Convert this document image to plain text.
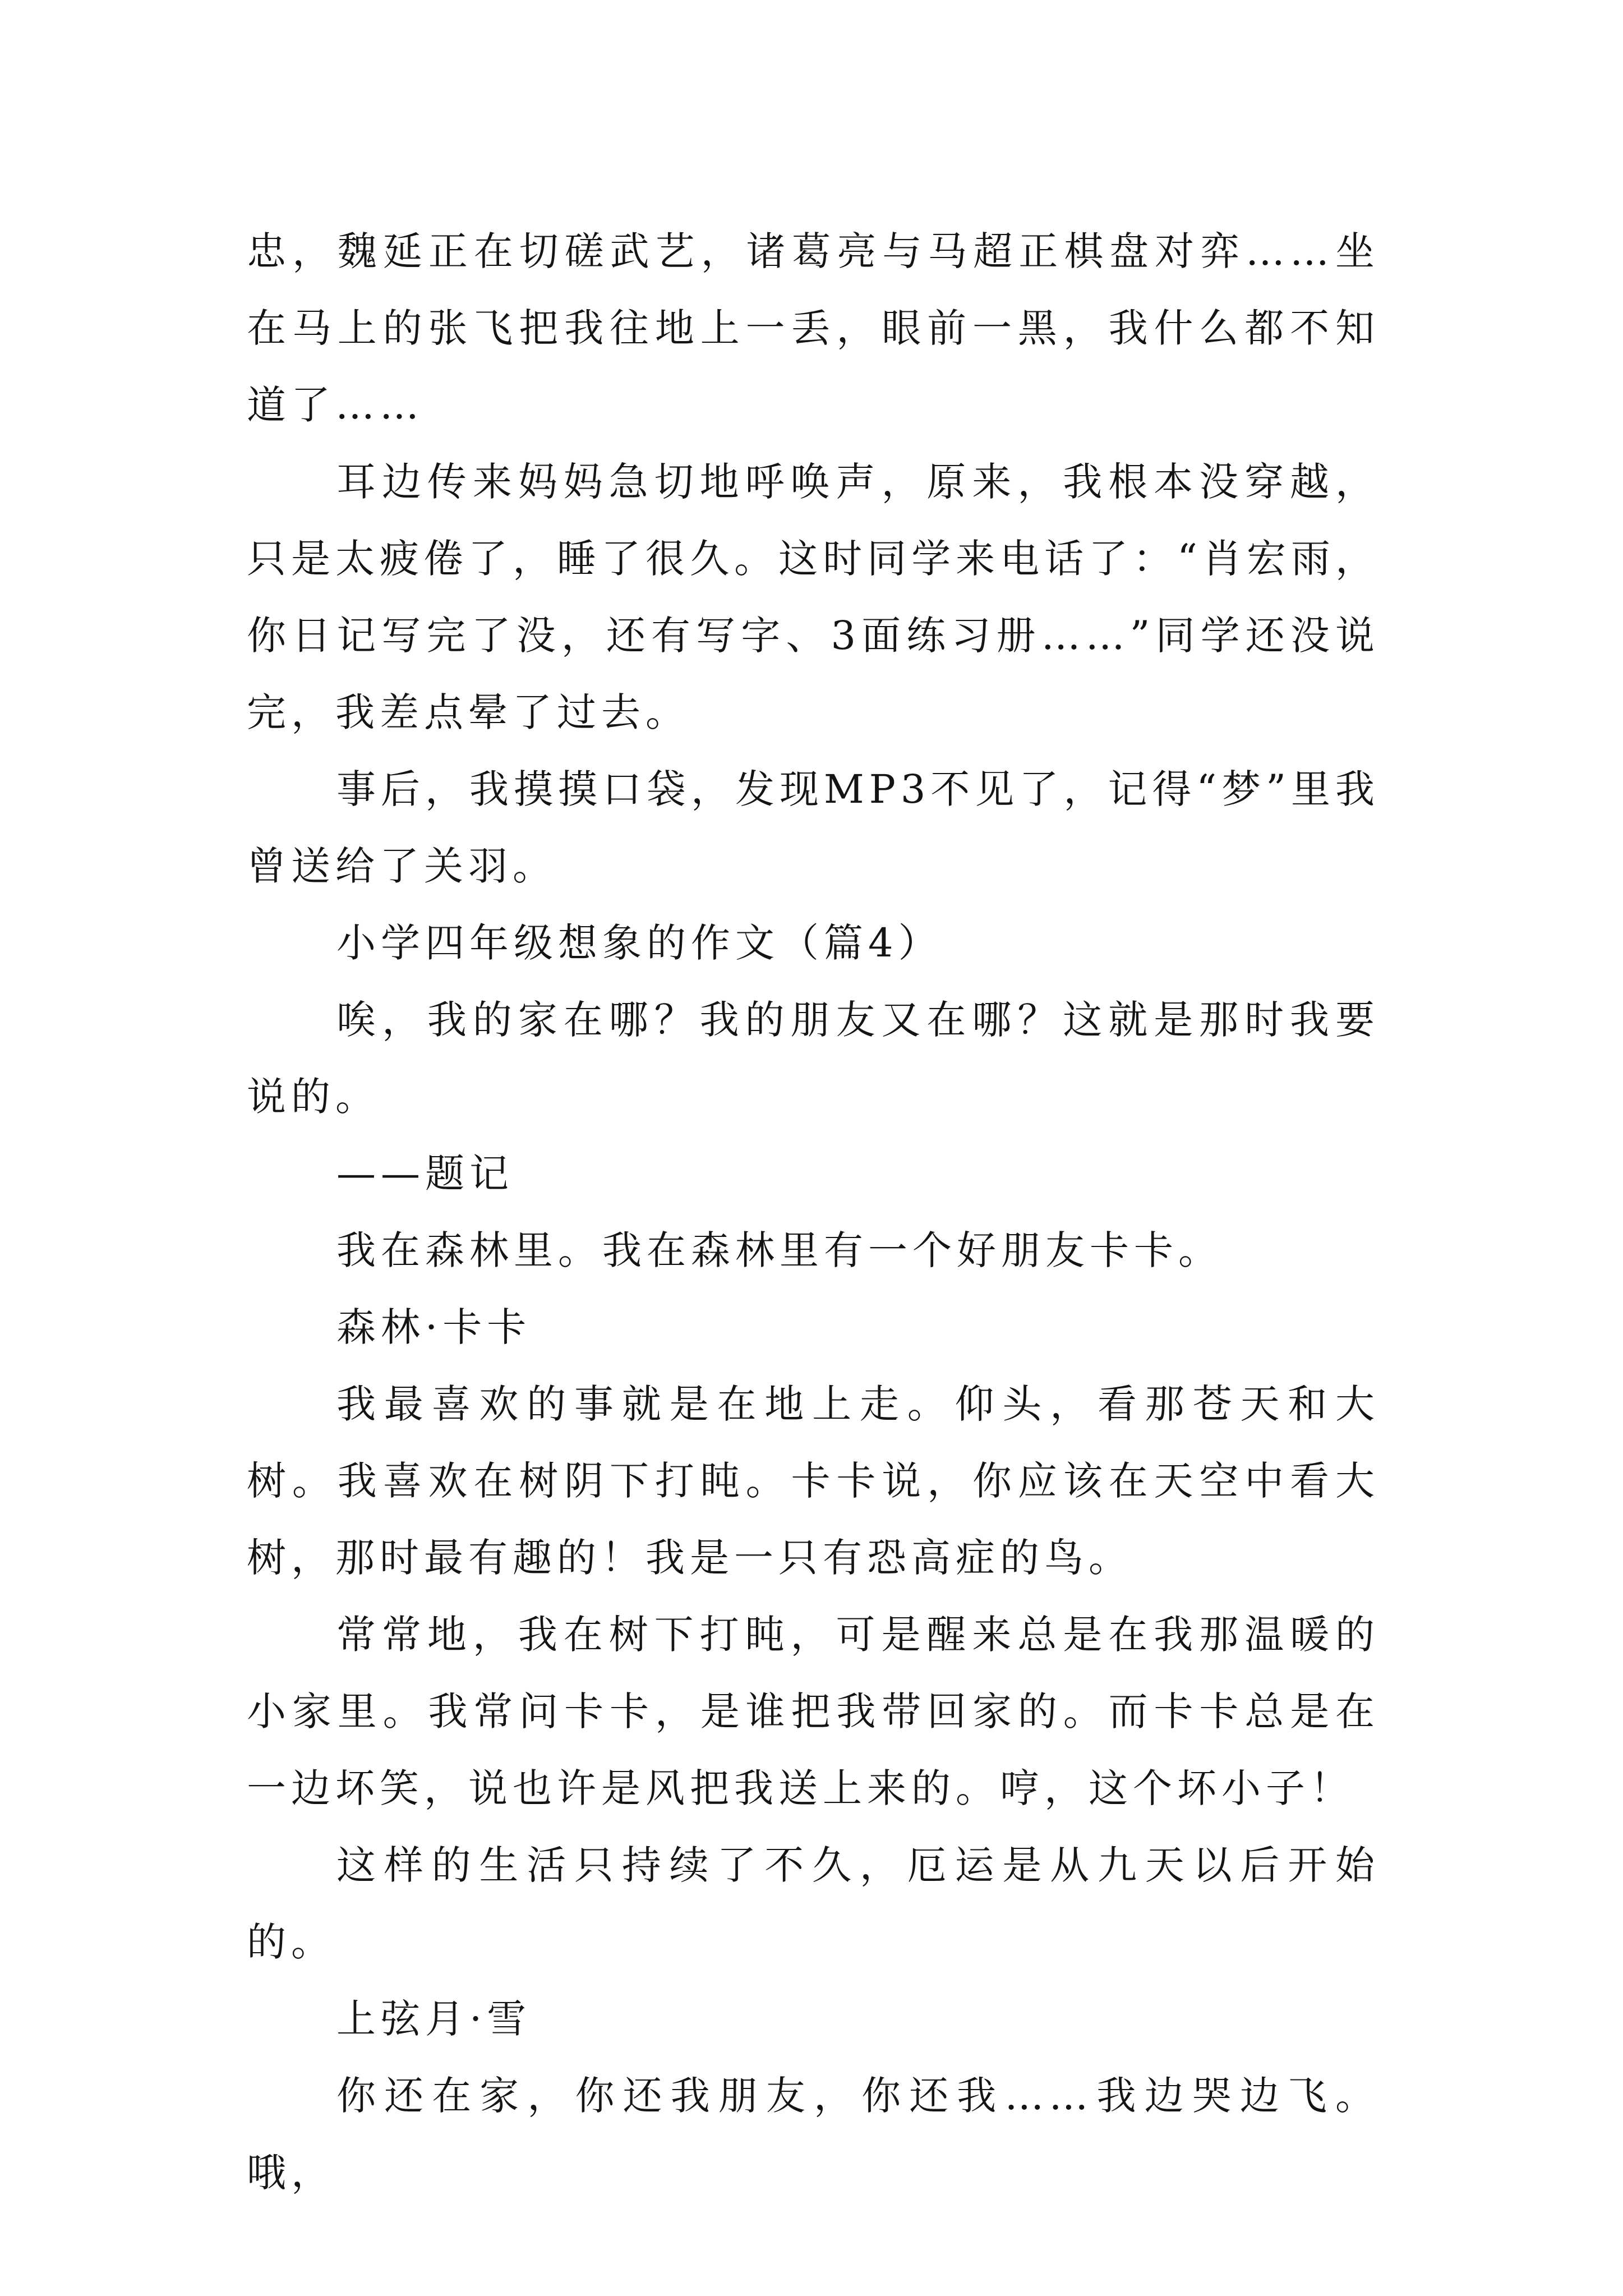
忠，魏延正在切磋武艺，诸葛亮与马超正棋盘对弈……坐在马上的张飞把我往地上一丢，眼前一黑，我什么都不知道了……

耳边传来妈妈急切地呼唤声，原来，我根本没穿越，只是太疲倦了，睡了很久。这时同学来电话了：“肖宏雨，你日记写完了没，还有写字、3面练习册……”同学还没说完，我差点晕了过去。

事后，我摸摸口袋，发现MP3不见了，记得“梦”里我曾送给了关羽。

小学四年级想象的作文（篇4）

唉，我的家在哪？我的朋友又在哪？这就是那时我要说的。

——题记

我在森林里。我在森林里有一个好朋友卡卡。

森林·卡卡

我最喜欢的事就是在地上走。仰头，看那苍天和大树。我喜欢在树阴下打盹。卡卡说，你应该在天空中看大树，那时最有趣的！我是一只有恐高症的鸟。

常常地，我在树下打盹，可是醒来总是在我那温暖的小家里。我常问卡卡，是谁把我带回家的。而卡卡总是在一边坏笑，说也许是风把我送上来的。哼，这个坏小子！

这样的生活只持续了不久，厄运是从九天以后开始的。

上弦月·雪

你还在家，你还我朋友，你还我……我边哭边飞。哦，
